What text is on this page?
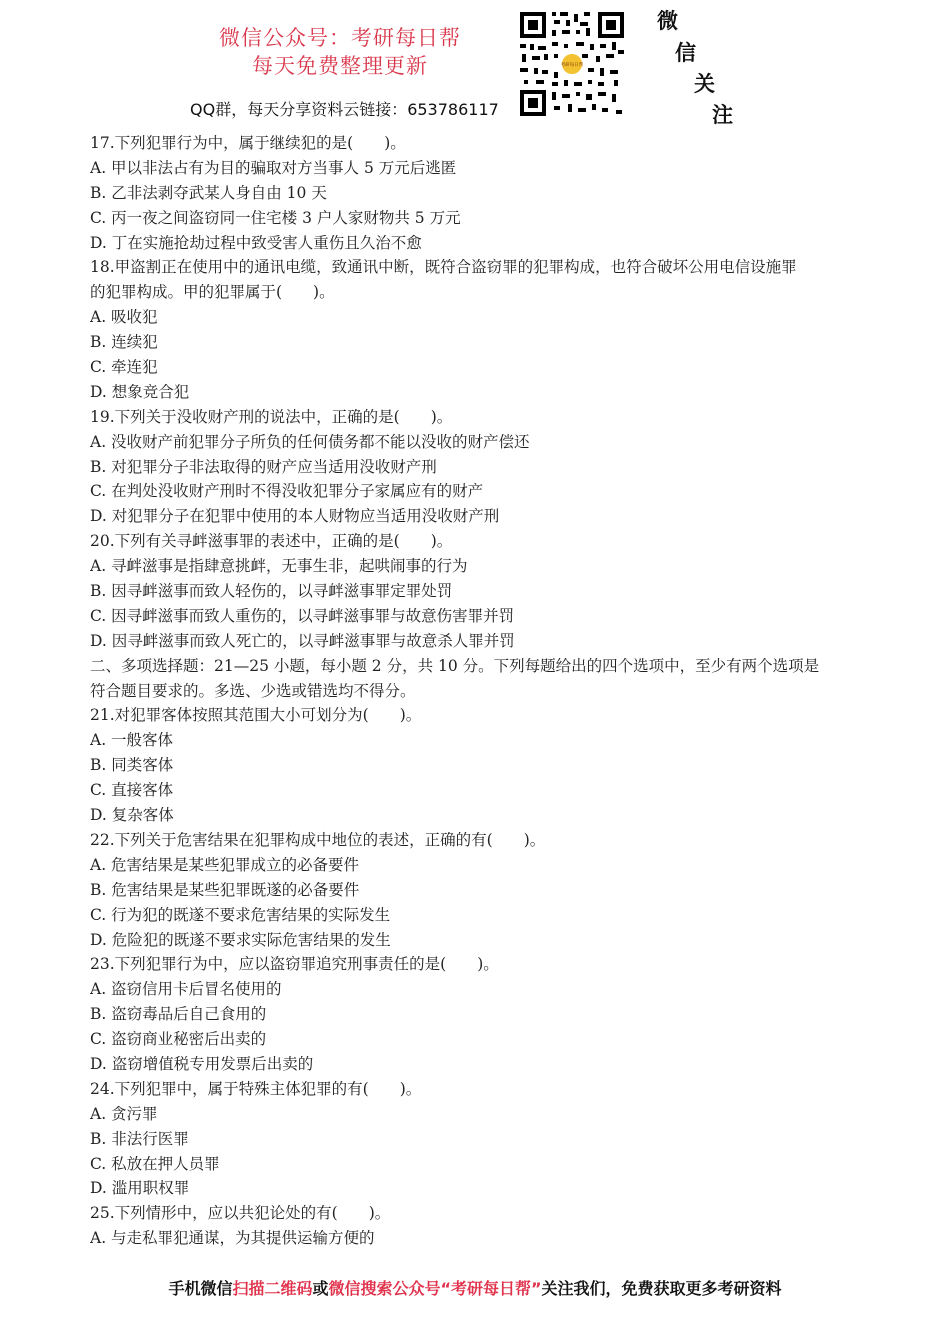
微信公众号：考研每日帮
每天免费整理更新
QQ群，每天分享资料云链接：653786117
考研每日帮
微
信
关
注
17.下列犯罪行为中，属于继续犯的是(　　)。
A. 甲以非法占有为目的骗取对方当事人 5 万元后逃匿
B. 乙非法剥夺武某人身自由 10 天
C. 丙一夜之间盗窃同一住宅楼 3 户人家财物共 5 万元
D. 丁在实施抢劫过程中致受害人重伤且久治不愈
18.甲盗割正在使用中的通讯电缆，致通讯中断，既符合盗窃罪的犯罪构成，也符合破坏公用电信设施罪
的犯罪构成。甲的犯罪属于(　　)。
A. 吸收犯
B. 连续犯
C. 牵连犯
D. 想象竞合犯
19.下列关于没收财产刑的说法中，正确的是(　　)。
A. 没收财产前犯罪分子所负的任何债务都不能以没收的财产偿还
B. 对犯罪分子非法取得的财产应当适用没收财产刑
C. 在判处没收财产刑时不得没收犯罪分子家属应有的财产
D. 对犯罪分子在犯罪中使用的本人财物应当适用没收财产刑
20.下列有关寻衅滋事罪的表述中，正确的是(　　)。
A. 寻衅滋事是指肆意挑衅，无事生非，起哄闹事的行为
B. 因寻衅滋事而致人轻伤的，以寻衅滋事罪定罪处罚
C. 因寻衅滋事而致人重伤的，以寻衅滋事罪与故意伤害罪并罚
D. 因寻衅滋事而致人死亡的，以寻衅滋事罪与故意杀人罪并罚
二、多项选择题：21—25 小题，每小题 2 分，共 10 分。下列每题给出的四个选项中，至少有两个选项是
符合题目要求的。多选、少选或错选均不得分。
21.对犯罪客体按照其范围大小可划分为(　　)。
A. 一般客体
B. 同类客体
C. 直接客体
D. 复杂客体
22.下列关于危害结果在犯罪构成中地位的表述，正确的有(　　)。
A. 危害结果是某些犯罪成立的必备要件
B. 危害结果是某些犯罪既遂的必备要件
C. 行为犯的既遂不要求危害结果的实际发生
D. 危险犯的既遂不要求实际危害结果的发生
23.下列犯罪行为中，应以盗窃罪追究刑事责任的是(　　)。
A. 盗窃信用卡后冒名使用的
B. 盗窃毒品后自己食用的
C. 盗窃商业秘密后出卖的
D. 盗窃增值税专用发票后出卖的
24.下列犯罪中，属于特殊主体犯罪的有(　　)。
A. 贪污罪
B. 非法行医罪
C. 私放在押人员罪
D. 滥用职权罪
25.下列情形中，应以共犯论处的有(　　)。
A. 与走私罪犯通谋，为其提供运输方便的
手机微信扫描二维码或微信搜索公众号“考研每日帮”关注我们，免费获取更多考研资料
